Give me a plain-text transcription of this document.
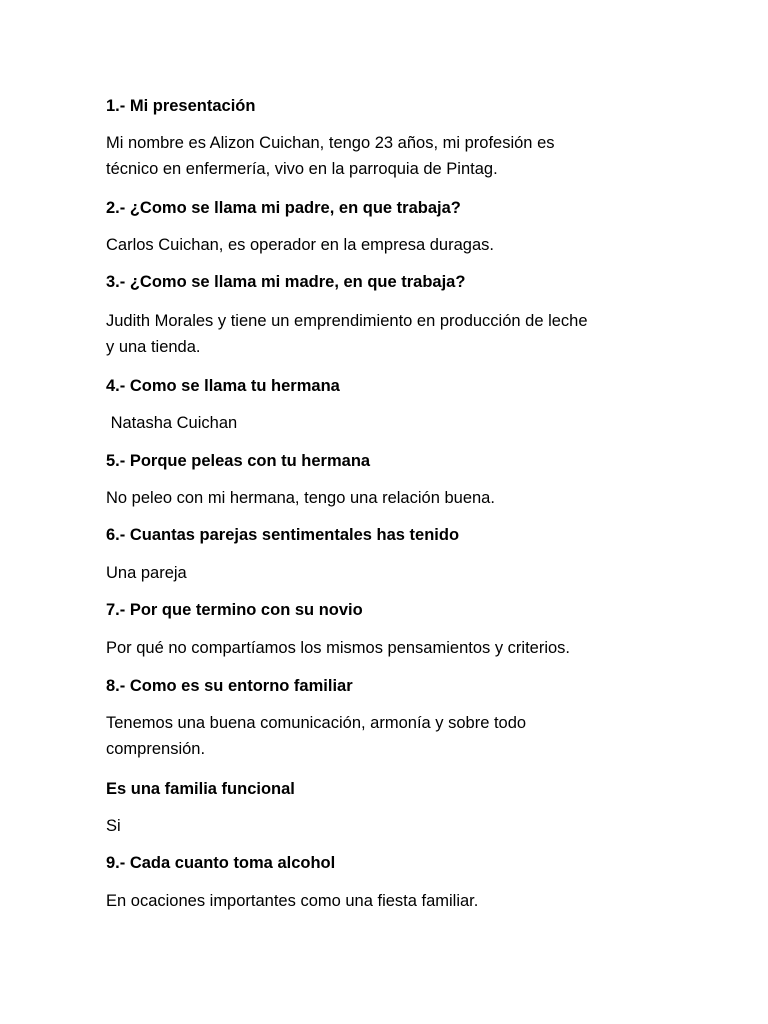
1.- Mi presentación

Mi nombre es Alizon Cuichan, tengo 23 años, mi profesión es
técnico en enfermería, vivo en la parroquia de Pintag.

2.- ¿Como se llama mi padre, en que trabaja?

Carlos Cuichan, es operador en la empresa duragas.

3.- ¿Como se llama mi madre, en que trabaja?

Judith Morales y tiene un emprendimiento en producción de leche
y una tienda.

4.- Como se llama tu hermana

Natasha Cuichan

5.- Porque peleas con tu hermana

No peleo con mi hermana, tengo una relación buena.

6.- Cuantas parejas sentimentales has tenido

Una pareja

7.- Por que termino con su novio

Por qué no compartíamos los mismos pensamientos y criterios.

8.- Como es su entorno familiar

Tenemos una buena comunicación, armonía y sobre todo
comprensión.

Es una familia funcional

Si

9.- Cada cuanto toma alcohol

En ocaciones importantes como una fiesta familiar.
